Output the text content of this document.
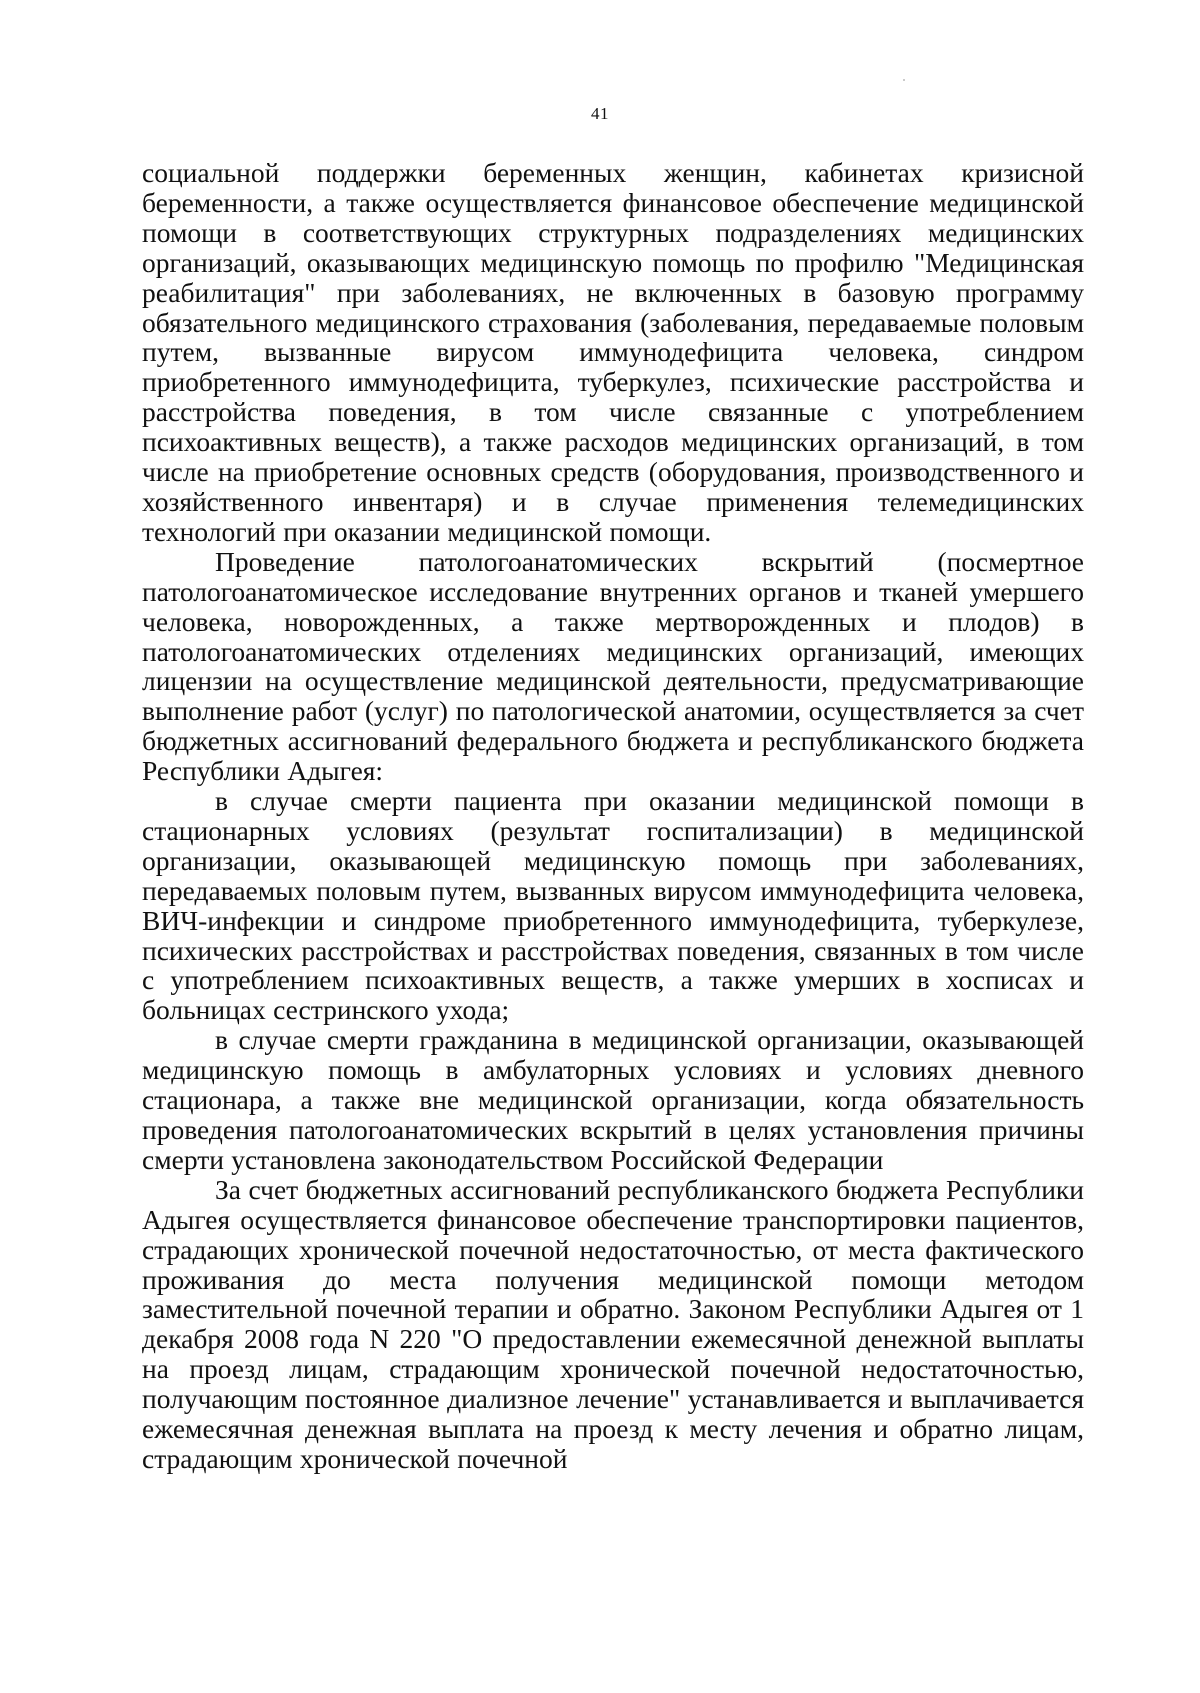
41

социальной поддержки беременных женщин, кабинетах кризисной беременности, а также осуществляется финансовое обеспечение медицинской помощи в соответствующих структурных подразделениях медицинских организаций, оказывающих медицинскую помощь по профилю "Медицинская реабилитация" при заболеваниях, не включенных в базовую программу обязательного медицинского страхования (заболевания, передаваемые половым путем, вызванные вирусом иммунодефицита человека, синдром приобретенного иммунодефицита, туберкулез, психические расстройства и расстройства поведения, в том числе связанные с употреблением психоактивных веществ), а также расходов медицинских организаций, в том числе на приобретение основных средств (оборудования, производственного и хозяйственного инвентаря) и в случае применения телемедицинских технологий при оказании медицинской помощи.

Проведение патологоанатомических вскрытий (посмертное патологоанатомическое исследование внутренних органов и тканей умершего человека, новорожденных, а также мертворожденных и плодов) в патологоанатомических отделениях медицинских организаций, имеющих лицензии на осуществление медицинской деятельности, предусматривающие выполнение работ (услуг) по патологической анатомии, осуществляется за счет бюджетных ассигнований федерального бюджета и республиканского бюджета Республики Адыгея:

в случае смерти пациента при оказании медицинской помощи в стационарных условиях (результат госпитализации) в медицинской организации, оказывающей медицинскую помощь при заболеваниях, передаваемых половым путем, вызванных вирусом иммунодефицита человека, ВИЧ-инфекции и синдроме приобретенного иммунодефицита, туберкулезе, психических расстройствах и расстройствах поведения, связанных в том числе с употреблением психоактивных веществ, а также умерших в хосписах и больницах сестринского ухода;

в случае смерти гражданина в медицинской организации, оказывающей медицинскую помощь в амбулаторных условиях и условиях дневного стационара, а также вне медицинской организации, когда обязательность проведения патологоанатомических вскрытий в целях установления причины смерти установлена законодательством Российской Федерации

За счет бюджетных ассигнований республиканского бюджета Республики Адыгея осуществляется финансовое обеспечение транспортировки пациентов, страдающих хронической почечной недостаточностью, от места фактического проживания до места получения медицинской помощи методом заместительной почечной терапии и обратно. Законом Республики Адыгея от 1 декабря 2008 года N 220 "О предоставлении ежемесячной денежной выплаты на проезд лицам, страдающим хронической почечной недостаточностью, получающим постоянное диализное лечение" устанавливается и выплачивается ежемесячная денежная выплата на проезд к месту лечения и обратно лицам, страдающим хронической почечной
